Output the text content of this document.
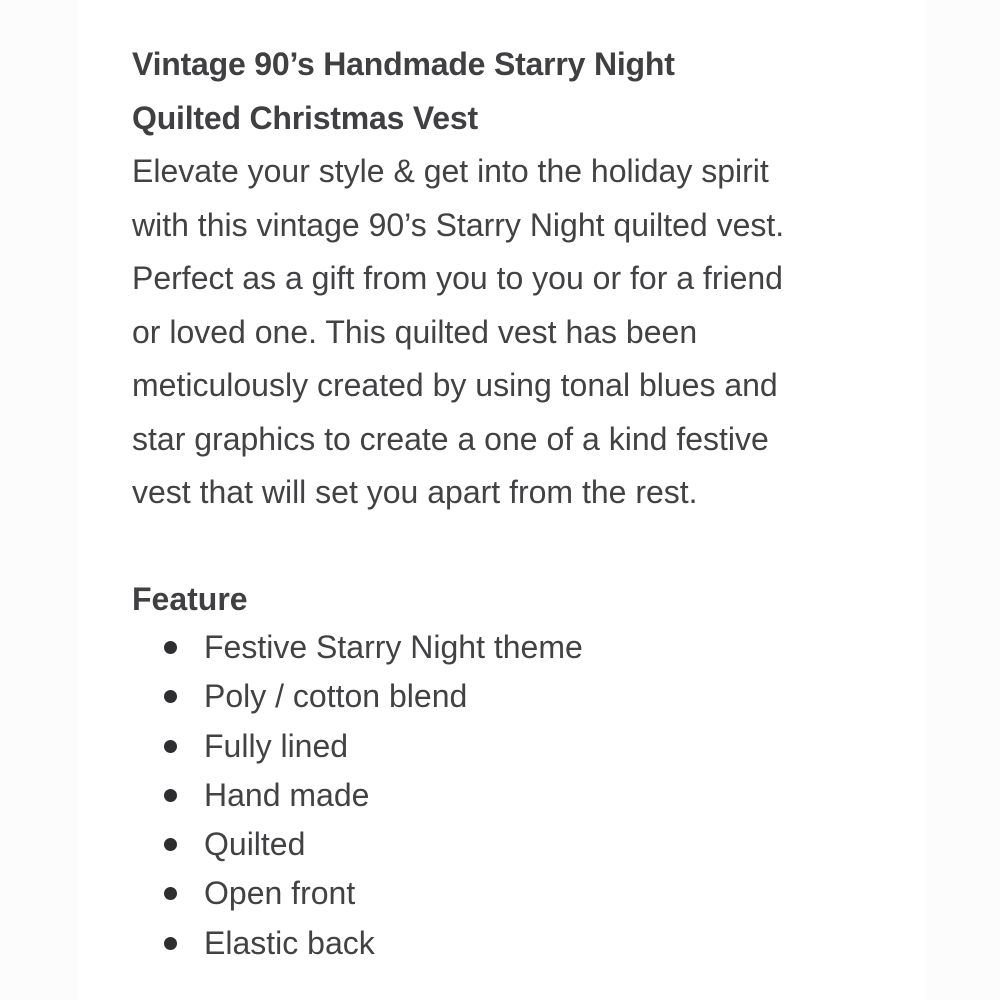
Vintage 90’s Handmade Starry Night
Quilted Christmas Vest

Elevate your style & get into the holiday spirit
with this vintage 90’s Starry Night quilted vest.
Perfect as a gift from you to you or for a friend
or loved one. This quilted vest has been
meticulously created by using tonal blues and
star graphics to create a one of a kind festive
vest that will set you apart from the rest.

Feature
Festive Starry Night theme
Poly / cotton blend
Fully lined
Hand made
Quilted
Open front
Elastic back
